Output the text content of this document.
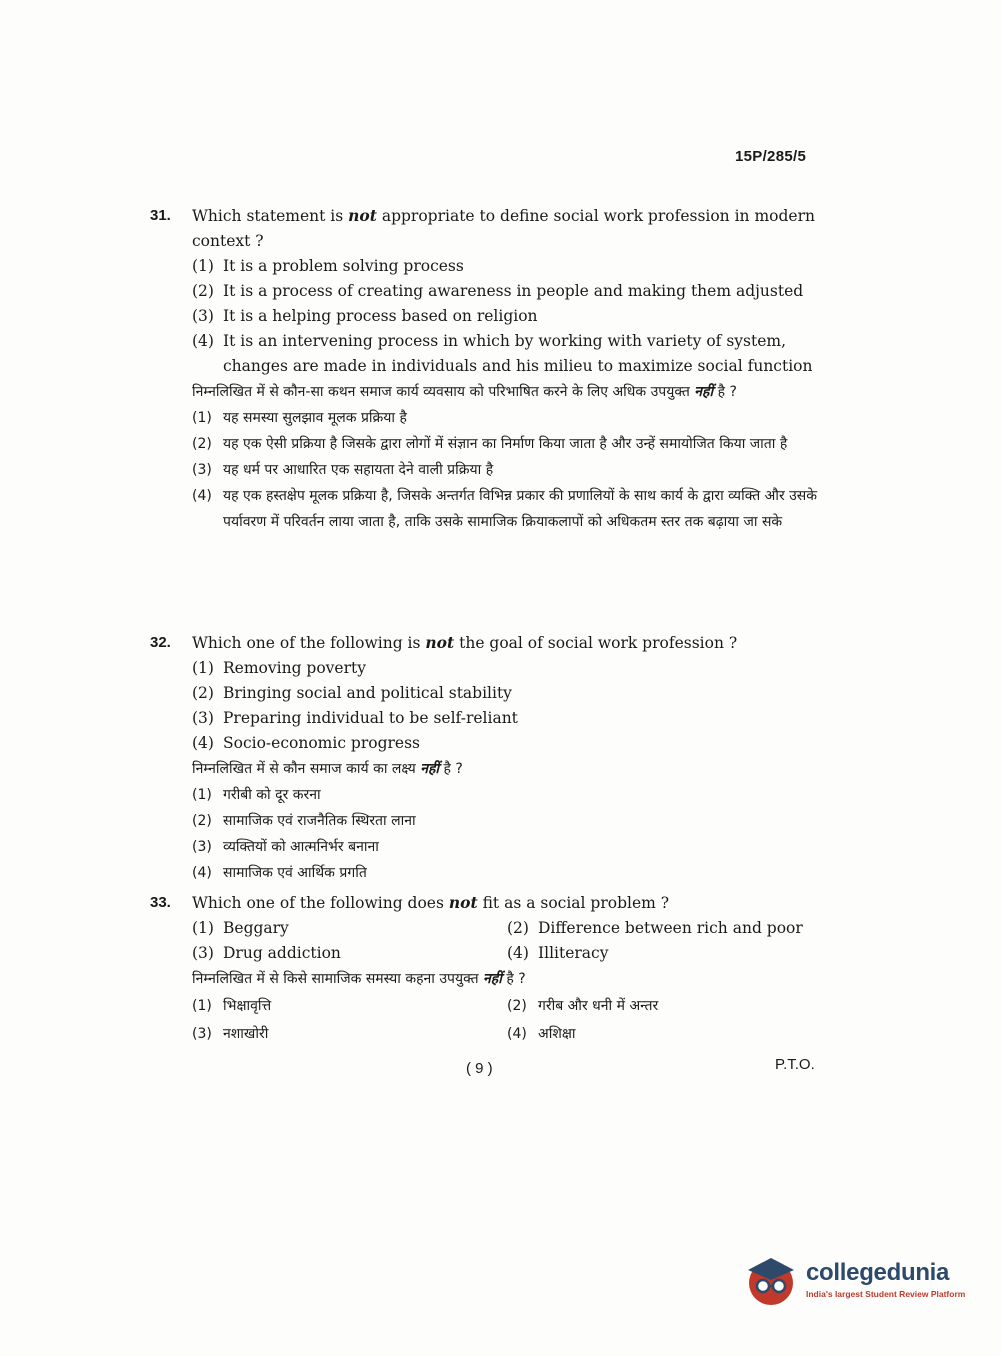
15P/285/5
31.	Which statement is not appropriate to define social work profession in modern context ?
(1) It is a problem solving process
(2) It is a process of creating awareness in people and making them adjusted
(3) It is a helping process based on religion
(4) It is an intervening process in which by working with variety of system, changes are made in individuals and his milieu to maximize social function
निम्नलिखित में से कौन-सा कथन समाज कार्य व्यवसाय को परिभाषित करने के लिए अधिक उपयुक्त नहीं है ?
(1) यह समस्या सुलझाव मूलक प्रक्रिया है
(2) यह एक ऐसी प्रक्रिया है जिसके द्वारा लोगों में संज्ञान का निर्माण किया जाता है और उन्हें समायोजित किया जाता है
(3) यह धर्म पर आधारित एक सहायता देने वाली प्रक्रिया है
(4) यह एक हस्तक्षेप मूलक प्रक्रिया है, जिसके अन्तर्गत विभिन्न प्रकार की प्रणालियों के साथ कार्य के द्वारा व्यक्ति और उसके पर्यावरण में परिवर्तन लाया जाता है, ताकि उसके सामाजिक क्रियाकलापों को अधिकतम स्तर तक बढ़ाया जा सके
32.	Which one of the following is not the goal of social work profession ?
(1) Removing poverty
(2) Bringing social and political stability
(3) Preparing individual to be self-reliant
(4) Socio-economic progress
निम्नलिखित में से कौन समाज कार्य का लक्ष्य नहीं है ?
(1) गरीबी को दूर करना
(2) सामाजिक एवं राजनैतिक स्थिरता लाना
(3) व्यक्तियों को आत्मनिर्भर बनाना
(4) सामाजिक एवं आर्थिक प्रगति
33.	Which one of the following does not fit as a social problem ?
(1) Beggary	(2) Difference between rich and poor
(3) Drug addiction	(4) Illiteracy
निम्नलिखित में से किसे सामाजिक समस्या कहना उपयुक्त नहीं है ?
(1) भिक्षावृत्ति	(2) गरीब और धनी में अन्तर
(3) नशाखोरी	(4) अशिक्षा
( 9 )	P.T.O.
collegedunia
India's largest Student Review Platform
